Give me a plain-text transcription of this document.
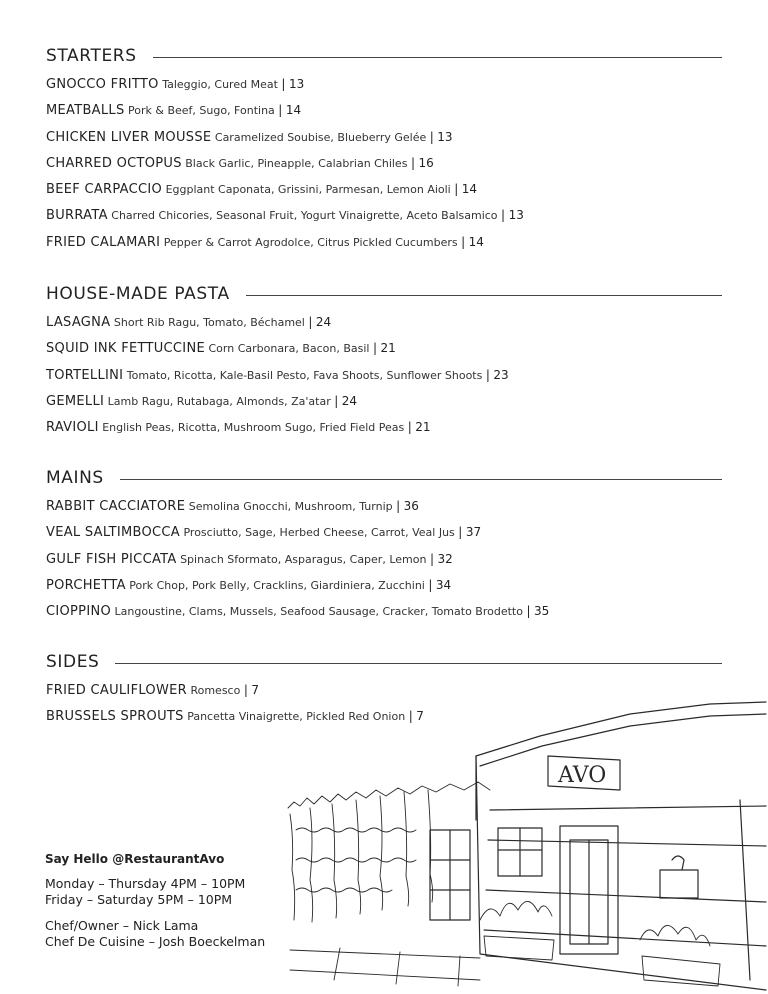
STARTERS
GNOCCO FRITTO Taleggio, Cured Meat | 13
MEATBALLS Pork & Beef, Sugo, Fontina | 14
CHICKEN LIVER MOUSSE Caramelized Soubise, Blueberry Gelée | 13
CHARRED OCTOPUS Black Garlic, Pineapple, Calabrian Chiles | 16
BEEF CARPACCIO Eggplant Caponata, Grissini, Parmesan, Lemon Aioli | 14
BURRATA Charred Chicories, Seasonal Fruit, Yogurt Vinaigrette, Aceto Balsamico | 13
FRIED CALAMARI Pepper & Carrot Agrodolce, Citrus Pickled Cucumbers | 14
HOUSE-MADE PASTA
LASAGNA Short Rib Ragu, Tomato, Béchamel | 24
SQUID INK FETTUCCINE Corn Carbonara, Bacon, Basil | 21
TORTELLINI Tomato, Ricotta, Kale-Basil Pesto, Fava Shoots, Sunflower Shoots | 23
GEMELLI Lamb Ragu, Rutabaga, Almonds, Za'atar | 24
RAVIOLI English Peas, Ricotta, Mushroom Sugo, Fried Field Peas | 21
MAINS
RABBIT CACCIATORE Semolina Gnocchi, Mushroom, Turnip | 36
VEAL SALTIMBOCCA Prosciutto, Sage, Herbed Cheese, Carrot, Veal Jus | 37
GULF FISH PICCATA Spinach Sformato, Asparagus, Caper, Lemon | 32
PORCHETTA Pork Chop, Pork Belly, Cracklins, Giardiniera, Zucchini | 34
CIOPPINO Langoustine, Clams, Mussels, Seafood Sausage, Cracker, Tomato Brodetto | 35
SIDES
FRIED CAULIFLOWER Romesco | 7
BRUSSELS SPROUTS Pancetta Vinaigrette, Pickled Red Onion | 7
Say Hello @RestaurantAvo
Monday – Thursday 4PM – 10PM
Friday – Saturday 5PM – 10PM
Chef/Owner – Nick Lama
Chef De Cuisine – Josh Boeckelman
AVO
